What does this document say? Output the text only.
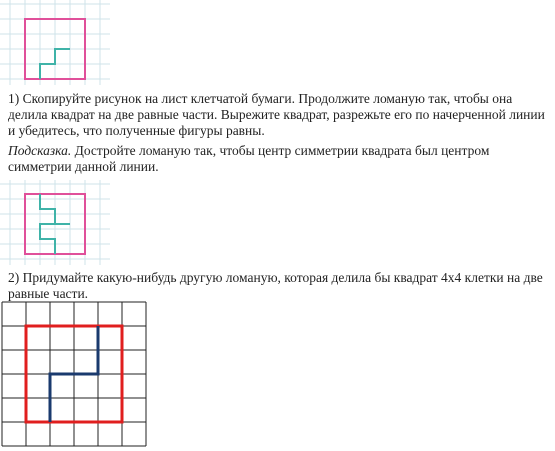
1) Скопируйте рисунок на лист клетчатой бумаги. Продолжите ломаную так, чтобы она делила квадрат на две равные части. Вырежите квадрат, разрежьте его по начерченной линии и убедитесь, что полученные фигуры равны.

Подсказка. Достройте ломаную так, чтобы центр симметрии квадрата был центром симметрии данной линии.

2) Придумайте какую-нибудь другую ломаную, которая делила бы квадрат 4х4 клетки на две равные части.
